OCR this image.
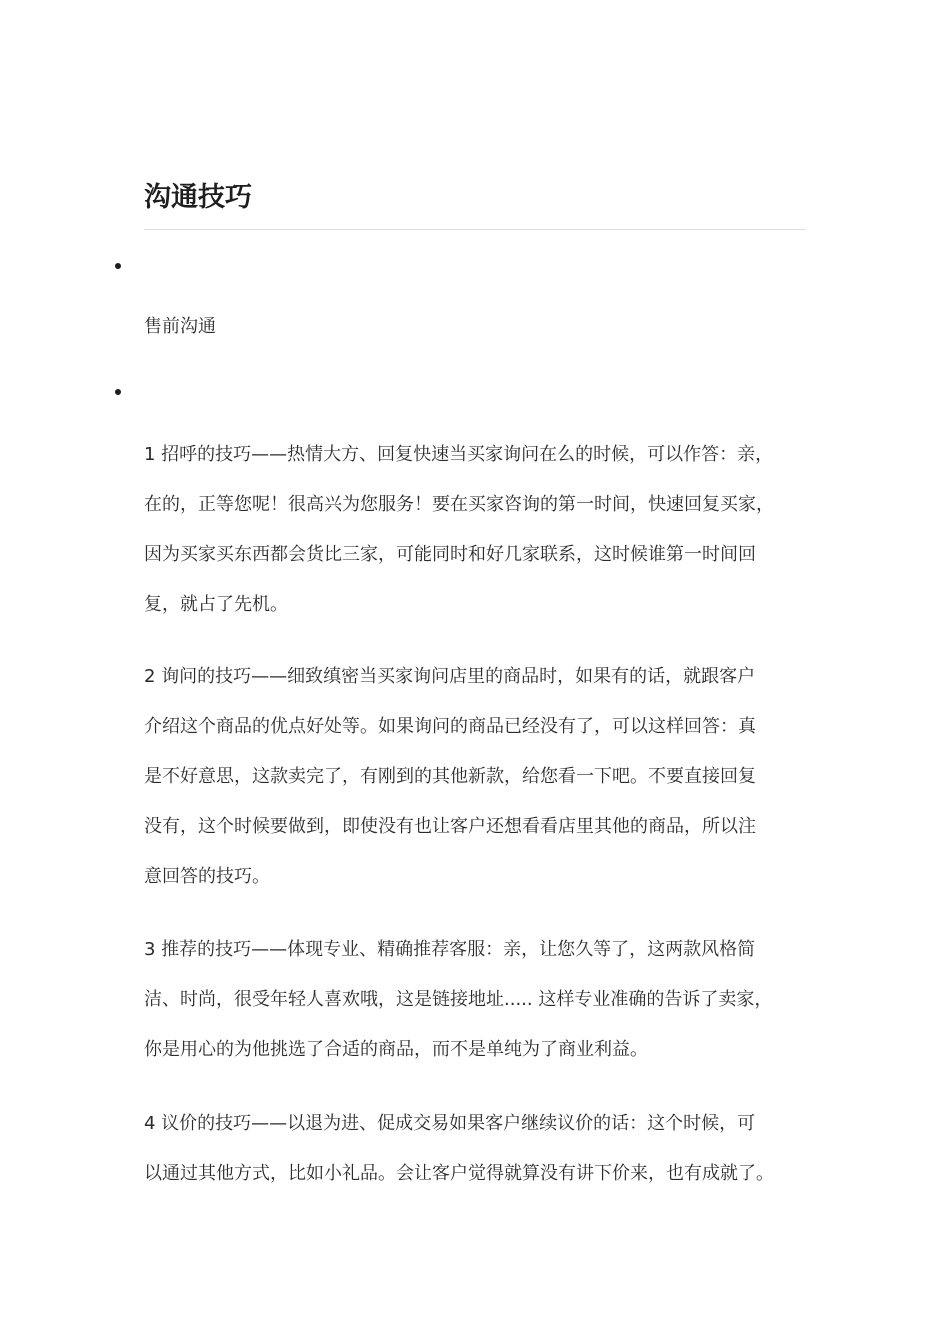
沟通技巧

售前沟通

1 招呼的技巧——热情大方、回复快速当买家询问在么的时候，可以作答：亲，
在的，正等您呢！很高兴为您服务！要在买家咨询的第一时间，快速回复买家，
因为买家买东西都会货比三家，可能同时和好几家联系，这时候谁第一时间回
复，就占了先机。

2 询问的技巧——细致缜密当买家询问店里的商品时，如果有的话，就跟客户
介绍这个商品的优点好处等。如果询问的商品已经没有了，可以这样回答：真
是不好意思，这款卖完了，有刚到的其他新款，给您看一下吧。不要直接回复
没有，这个时候要做到，即使没有也让客户还想看看店里其他的商品，所以注
意回答的技巧。

3 推荐的技巧——体现专业、精确推荐客服：亲，让您久等了，这两款风格简
洁、时尚，很受年轻人喜欢哦，这是链接地址..... 这样专业准确的告诉了卖家，
你是用心的为他挑选了合适的商品，而不是单纯为了商业利益。

4 议价的技巧——以退为进、促成交易如果客户继续议价的话：这个时候，可
以通过其他方式，比如小礼品。会让客户觉得就算没有讲下价来，也有成就了。
